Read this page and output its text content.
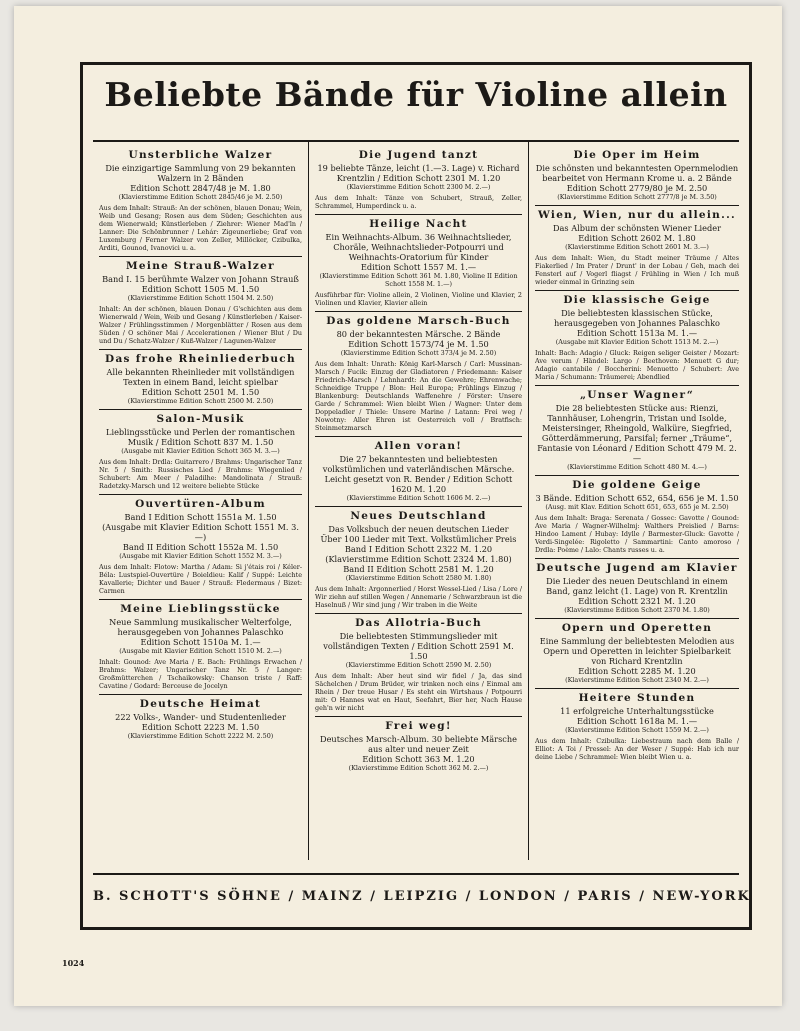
Beliebte Bände für Violine allein
Unsterbliche Walzer
Die einzigartige Sammlung von 29 bekannten Walzern in 2 Bänden
Edition Schott 2847/48 je M. 1.80
(Klavierstimme Edition Schott 2845/46 je M. 2.50)
Aus dem Inhalt: Strauß: An der schönen, blauen Donau; Wein, Weib und Gesang; Rosen aus dem Süden; Geschichten aus dem Wienerwald; Künstlerleben / Ziehrer: Wiener Mad'ln / Lanner: Die Schönbrunner / Lehár: Zigeunerliebe; Graf von Luxemburg / Ferner Walzer von Zeller, Millöcker, Czibulka, Arditi, Gounod, Ivanovici u. a.
Meine Strauß-Walzer
Band I. 15 berühmte Walzer von Johann Strauß
Edition Schott 1505 M. 1.50
(Klavierstimme Edition Schott 1504 M. 2.50)
Inhalt: An der schönen, blauen Donau / G'schichten aus dem Wienerwald / Wein, Weib und Gesang / Künstlerleben / Kaiser-Walzer / Frühlingsstimmen / Morgenblätter / Rosen aus dem Süden / O schöner Mai / Accelerationen / Wiener Blut / Du und Du / Schatz-Walzer / Kuß-Walzer / Lagunen-Walzer
Das frohe Rheinliederbuch
Alle bekannten Rheinlieder mit vollständigen Texten in einem Band, leicht spielbar
Edition Schott 2501 M. 1.50
(Klavierstimme Edition Schott 2500 M. 2.50)
Salon-Musik
Lieblingsstücke und Perlen der romantischen Musik / Edition Schott 837 M. 1.50
(Ausgabe mit Klavier Edition Schott 365 M. 3.—)
Aus dem Inhalt: Drdla: Guitarrero / Brahms: Ungarischer Tanz Nr. 5 / Smith: Russisches Lied / Brahms: Wiegenlied / Schubert: Am Meer / Paladilhe: Mandolinata / Strauß: Radetzky-Marsch und 12 weitere beliebte Stücke
Ouvertüren-Album
Band I Edition Schott 1551a M. 1.50
(Ausgabe mit Klavier Edition Schott 1551 M. 3.—)
Band II Edition Schott 1552a M. 1.50
(Ausgabe mit Klavier Edition Schott 1552 M. 3.—)
Aus dem Inhalt: Flotow: Martha / Adam: Si j'étais roi / Kéler-Béla: Lustspiel-Ouvertüre / Boieldieu: Kalif / Suppé: Leichte Kavallerie; Dichter und Bauer / Strauß: Fledermaus / Bizet: Carmen
Meine Lieblingsstücke
Neue Sammlung musikalischer Welterfolge, herausgegeben von Johannes Palaschko
Edition Schott 1510a M. 1.—
(Ausgabe mit Klavier Edition Schott 1510 M. 2.—)
Inhalt: Gounod: Ave Maria / E. Bach: Frühlings Erwachen / Brahms: Walzer; Ungarischer Tanz Nr. 5 / Langer: Großmütterchen / Tschaikowsky: Chanson triste / Raff: Cavatine / Godard: Berceuse de Jocelyn
Deutsche Heimat
222 Volks-, Wander- und Studentenlieder
Edition Schott 2223 M. 1.50
(Klavierstimme Edition Schott 2222 M. 2.50)
Die Jugend tanzt
19 beliebte Tänze, leicht (1.—3. Lage) v. Richard Krentzlin / Edition Schott 2301 M. 1.20
(Klavierstimme Edition Schott 2300 M. 2.—)
Aus dem Inhalt: Tänze von Schubert, Strauß, Zeller, Schrammel, Humperdinck u. a.
Heilige Nacht
Ein Weihnachts-Album. 36 Weihnachtslieder, Choräle, Weihnachtslieder-Potpourri und Weihnachts-Oratorium für Kinder
Edition Schott 1557 M. 1.—
(Klavierstimme Edition Schott 361 M. 1.80, Violine II Edition Schott 1558 M. 1.—)
Ausführbar für: Violine allein, 2 Violinen, Violine und Klavier, 2 Violinen und Klavier, Klavier allein
Das goldene Marsch-Buch
80 der bekanntesten Märsche. 2 Bände
Edition Schott 1573/74 je M. 1.50
(Klavierstimme Edition Schott 373/4 je M. 2.50)
Aus dem Inhalt: Unrath: König Karl-Marsch / Carl: Mussinan-Marsch / Fucik: Einzug der Gladiatoren / Friedemann: Kaiser Friedrich-Marsch / Lehnhardt: An die Gewehre; Ehrenwache; Schneidige Truppe / Blon: Heil Europa; Frühlings Einzug / Blankenburg: Deutschlands Waffenehre / Förster: Unsere Garde / Schrammel: Wien bleibt Wien / Wagner: Unter dem Doppeladler / Thiele: Unsere Marine / Latann: Frei weg / Nowotny: Aller Ehren ist Oesterreich voll / Bratfisch: Steinmetzmarsch
Allen voran!
Die 27 bekanntesten und beliebtesten volkstümlichen und vaterländischen Märsche. Leicht gesetzt von R. Bender / Edition Schott 1620 M. 1.20
(Klavierstimme Edition Schott 1606 M. 2.—)
Neues Deutschland
Das Volksbuch der neuen deutschen Lieder
Über 100 Lieder mit Text. Volkstümlicher Preis
Band I Edition Schott 2322 M. 1.20
(Klavierstimme Edition Schott 2324 M. 1.80)
Band II Edition Schott 2581 M. 1.20
(Klavierstimme Edition Schott 2580 M. 1.80)
Aus dem Inhalt: Argonnerlied / Horst Wessel-Lied / Lisa / Lore / Wir ziehn auf stillen Wegen / Annemarie / Schwarzbraun ist die Haselnuß / Wir sind jung / Wir traben in die Weite
Das Allotria-Buch
Die beliebtesten Stimmungslieder mit vollständigen Texten / Edition Schott 2591 M. 1.50
(Klavierstimme Edition Schott 2590 M. 2.50)
Aus dem Inhalt: Aber heut sind wir fidel / Ja, das sind Sächelchen / Drum Brüder, wir trinken noch eins / Einmal am Rhein / Der treue Husar / Es steht ein Wirtshaus / Potpourri mit: O Hannes wat en Haut, Seefahrt, Bier her, Nach Hause geh'n wir nicht
Frei weg!
Deutsches Marsch-Album. 30 beliebte Märsche aus alter und neuer Zeit
Edition Schott 363 M. 1.20
(Klavierstimme Edition Schott 362 M. 2.—)
Die Oper im Heim
Die schönsten und bekanntesten Opernmelodien bearbeitet von Hermann Krome u. a. 2 Bände
Edition Schott 2779/80 je M. 2.50
(Klavierstimme Edition Schott 2777/8 je M. 3.50)
Wien, Wien, nur du allein...
Das Album der schönsten Wiener Lieder
Edition Schott 2602 M. 1.80
(Klavierstimme Edition Schott 2601 M. 3.—)
Aus dem Inhalt: Wien, du Stadt meiner Träume / Altes Fiakerlied / Im Prater / Drunt' in der Lobau / Geh, mach dei Fensterl auf / Vogerl fliagst / Frühling in Wien / Ich muß wieder einmal in Grinzing sein
Die klassische Geige
Die beliebtesten klassischen Stücke, herausgegeben von Johannes Palaschko
Edition Schott 1513a M. 1.—
(Ausgabe mit Klavier Edition Schott 1513 M. 2.—)
Inhalt: Bach: Adagio / Gluck: Reigen seliger Geister / Mozart: Ave verum / Händel: Largo / Beethoven: Menuett G dur; Adagio cantabile / Boccherini: Menuetto / Schubert: Ave Maria / Schumann: Träumerei; Abendlied
„Unser Wagner“
Die 28 beliebtesten Stücke aus: Rienzi, Tannhäuser, Lohengrin, Tristan und Isolde, Meistersinger, Rheingold, Walküre, Siegfried, Götterdämmerung, Parsifal; ferner „Träume“, Fantasie von Léonard / Edition Schott 479 M. 2.—
(Klavierstimme Edition Schott 480 M. 4.—)
Die goldene Geige
3 Bände. Edition Schott 652, 654, 656 je M. 1.50
(Ausg. mit Klav. Edition Schott 651, 653, 655 je M. 2.50)
Aus dem Inhalt: Braga: Serenata / Gossec: Gavotte / Gounod: Ave Maria / Wagner-Wilhelmj: Walthers Preislied / Barns: Hindoo Lament / Hubay: Idylle / Barmester-Gluck: Gavotte / Verdi-Singelée: Rigoletto / Sammartini: Canto amoroso / Drdla: Poème / Lalo: Chants russes u. a.
Deutsche Jugend am Klavier
Die Lieder des neuen Deutschland in einem Band, ganz leicht (1. Lage) von R. Krentzlin
Edition Schott 2321 M. 1.20
(Klavierstimme Edition Schott 2370 M. 1.80)
Opern und Operetten
Eine Sammlung der beliebtesten Melodien aus Opern und Operetten in leichter Spielbarkeit von Richard Krentzlin
Edition Schott 2285 M. 1.20
(Klavierstimme Edition Schott 2340 M. 2.—)
Heitere Stunden
11 erfolgreiche Unterhaltungsstücke
Edition Schott 1618a M. 1.—
(Klavierstimme Edition Schott 1559 M. 2.—)
Aus dem Inhalt: Czibulka: Liebestraum nach dem Balle / Elliot: A Toi / Pressel: An der Weser / Suppé: Hab ich nur deine Liebe / Schrammel: Wien bleibt Wien u. a.
B. SCHOTT'S SÖHNE / MAINZ / LEIPZIG / LONDON / PARIS / NEW-YORK
1024
